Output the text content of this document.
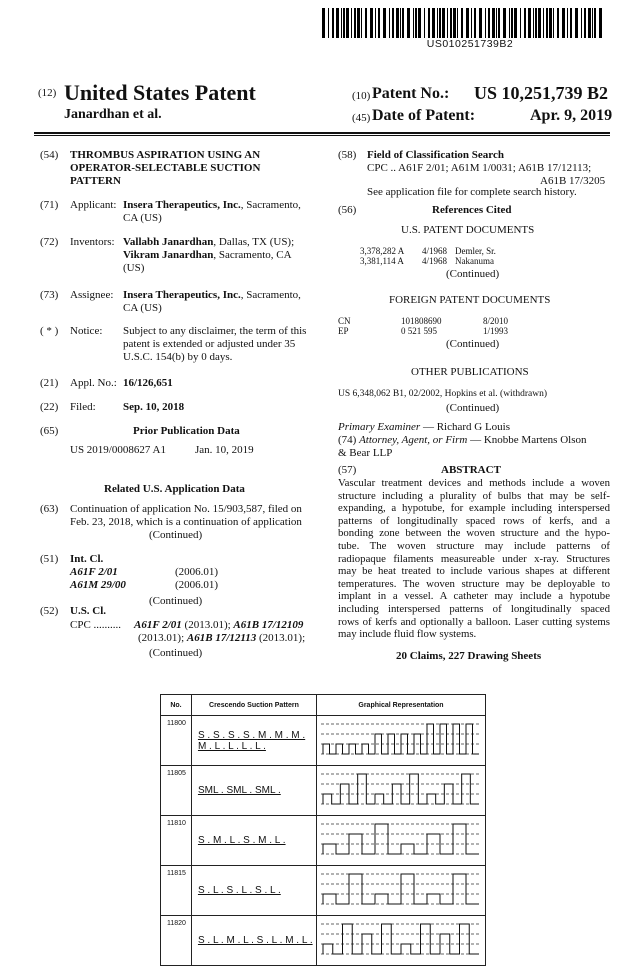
US010251739B2
(12) United States Patent
Janardhan et al.
(10) Patent No.: US 10,251,739 B2
(45) Date of Patent:	Apr. 9, 2019
(54) THROMBUS ASPIRATION USING AN
OPERATOR-SELECTABLE SUCTION
PATTERN
(71) Applicant: Insera Therapeutics, Inc., Sacramento,
CA (US)
(72) Inventors: Vallabh Janardhan, Dallas, TX (US);
Vikram Janardhan, Sacramento, CA
(US)
(73) Assignee: Insera Therapeutics, Inc., Sacramento,
CA (US)
( * ) Notice: Subject to any disclaimer, the term of this
patent is extended or adjusted under 35
U.S.C. 154(b) by 0 days.
(21) Appl. No.: 16/126,651
(22) Filed: Sep. 10, 2018
(65)	Prior Publication Data
US 2019/0008627 A1	Jan. 10, 2019
Related U.S. Application Data
(63) Continuation of application No. 15/903,587, filed on
Feb. 23, 2018, which is a continuation of application
(Continued)
(51) Int. Cl.
A61F 2/01	(2006.01)
A61M 29/00	(2006.01)
(Continued)
(52) U.S. Cl.
CPC .......... A61F 2/01 (2013.01); A61B 17/12109
(2013.01); A61B 17/12113 (2013.01);
(Continued)
(58) Field of Classification Search
CPC .. A61F 2/01; A61M 1/0031; A61B 17/12113;
A61B 17/3205
See application file for complete search history.
(56)	References Cited
U.S. PATENT DOCUMENTS
3,378,282 A 4/1968 Demler, Sr.
3,381,114 A 4/1968 Nakanuma
(Continued)
FOREIGN PATENT DOCUMENTS
CN	101808690	8/2010
EP	0 521 595	1/1993
(Continued)
OTHER PUBLICATIONS
US 6,348,062 B1, 02/2002, Hopkins et al. (withdrawn)
(Continued)
Primary Examiner — Richard G Louis
(74) Attorney, Agent, or Firm — Knobbe Martens Olson
& Bear LLP
(57)	ABSTRACT
Vascular treatment devices and methods include a woven
structure including a plurality of bulbs that may be self-
expanding, a hypotube, for example including interspersed
patterns of longitudinally spaced rows of kerfs, and a
bonding zone between the woven structure and the hypo-
tube. The woven structure may include patterns of
radiopaque filaments measureable under x-ray. Structures
may be heat treated to include various shapes at different
temperatures. The woven structure may be deployable to
implant in a vessel. A catheter may include a hypotube
including interspersed patterns of longitudinally spaced
rows of kerfs and optionally a balloon. Laser cutting systems
may include fluid flow systems.
20 Claims, 227 Drawing Sheets
No.	Crescendo Suction Pattern	Graphical Representation
11800	S . S . S . S . M . M . M .
M . L . L . L . L .

11805	SML . SML . SML .

11810	S . M . L . S . M . L .

11815	S . L . S . L . S . L .

11820	S . L . M . L . S . L . M . L .
